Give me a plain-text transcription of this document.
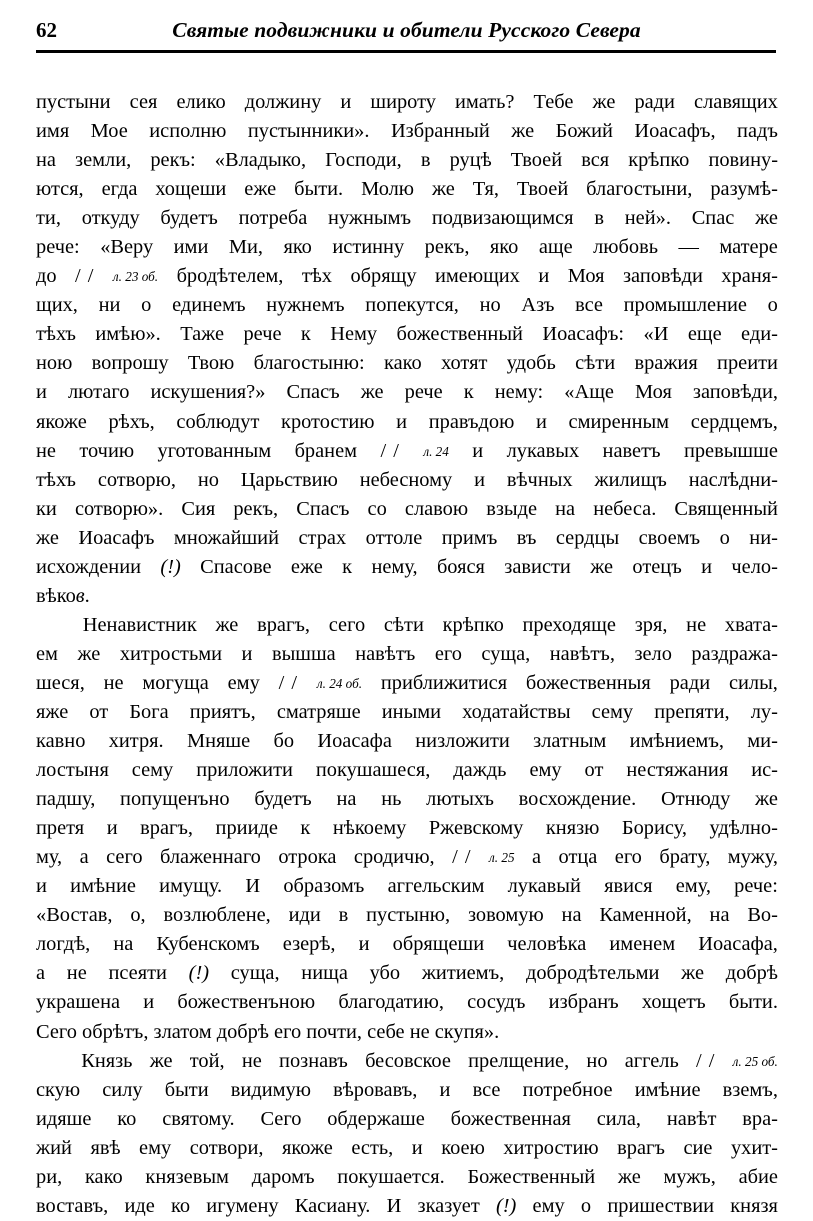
62	Святые подвижники и обители Русского Севера
пустыни сея елико должину и широту имать? Тебе же ради славящих
имя Мое исполню пустынники». Избранный же Божий Иоасафъ, падъ
на земли, рекъ: «Владыко, Господи, в руцѣ Твоей вся крѣпко повину-
ются, егда хощеши еже быти. Молю же Тя, Твоей благостыни, разумѣ-
ти, откуду будетъ потреба нужнымъ подвизающимся в ней». Спас же
рече: «Веру ими Ми, яко истинну рекъ, яко аще любовь — матере
до / / л. 23 об. бродѣтелем, тѣх обрящу имеющих и Моя заповѣди храня-
щих, ни о единемъ нужнемъ попекутся, но Азъ все промышление о
тѣхъ имѣю». Таже рече к Нему божественный Иоасафъ: «И еще еди-
ною вопрошу Твою благостыню: како хотят удобь сѣти вражия преити
и лютаго искушения?» Спасъ же рече к нему: «Аще Моя заповѣди,
якоже рѣхъ, соблюдут кротостию и правъдою и смиренным сердцемъ,
не точию уготованным бранем / / л. 24 и лукавых наветъ превышше
тѣхъ сотворю, но Царьствию небесному и вѣчных жилищъ наслѣдни-
ки сотворю». Сия рекъ, Спасъ со славою взыде на небеса. Священный
же Иоасафъ множайший страх оттоле примъ въ сердцы своемъ о ни-
исхождении (!) Спасове еже к нему, бояся зависти же отецъ и чело-
вѣков.
Ненавистник же врагъ, сего сѣти крѣпко преходяще зря, не хвата-
ем же хитростьми и вышша навѣтъ его суща, навѣтъ, зело раздража-
шеся, не могуща ему / / л. 24 об. приближитися божественныя ради силы,
яже от Бога приятъ, сматряше иными ходатайствы сему препяти, лу-
кавно хитря. Мняше бо Иоасафа низложити златным имѣниемъ, ми-
лостыня сему приложити покушашеся, даждь ему от нестяжания ис-
падшу, попущенъно будетъ на нь лютыхъ восхождение. Отнюду же
претя и врагъ, прииде к нѣкоему Ржевскому князю Борису, удѣлно-
му, а сего блаженнаго отрока сродичю, / / л. 25 а отца его брату, мужу,
и имѣние имущу. И образомъ аггельским лукавый явися ему, рече:
«Востав, о, возлюблене, иди в пустыню, зовомую на Каменной, на Во-
логдѣ, на Кубенскомъ езерѣ, и обрящеши человѣка именем Иоасафа,
а не псеяти (!) суща, нища убо житиемъ, добродѣтельми же добрѣ
украшена и божественъною благодатию, сосудъ избранъ хощетъ быти.
Сего обрѣтъ, златом добрѣ его почти, себе не скупя».
Князь же той, не познавъ бесовское прелщение, но аггель / / л. 25 об.
скую силу быти видимую вѣровавъ, и все потребное имѣние вземъ,
идяше ко святому. Сего обдержаше божественная сила, навѣт вра-
жий явѣ ему сотвори, якоже есть, и коею хитростию врагъ сие ухит-
ри, како князевым даромъ покушается. Божественный же мужъ, абие
воставъ, иде ко игумену Касиану. И зказует (!) ему о пришествии князя
